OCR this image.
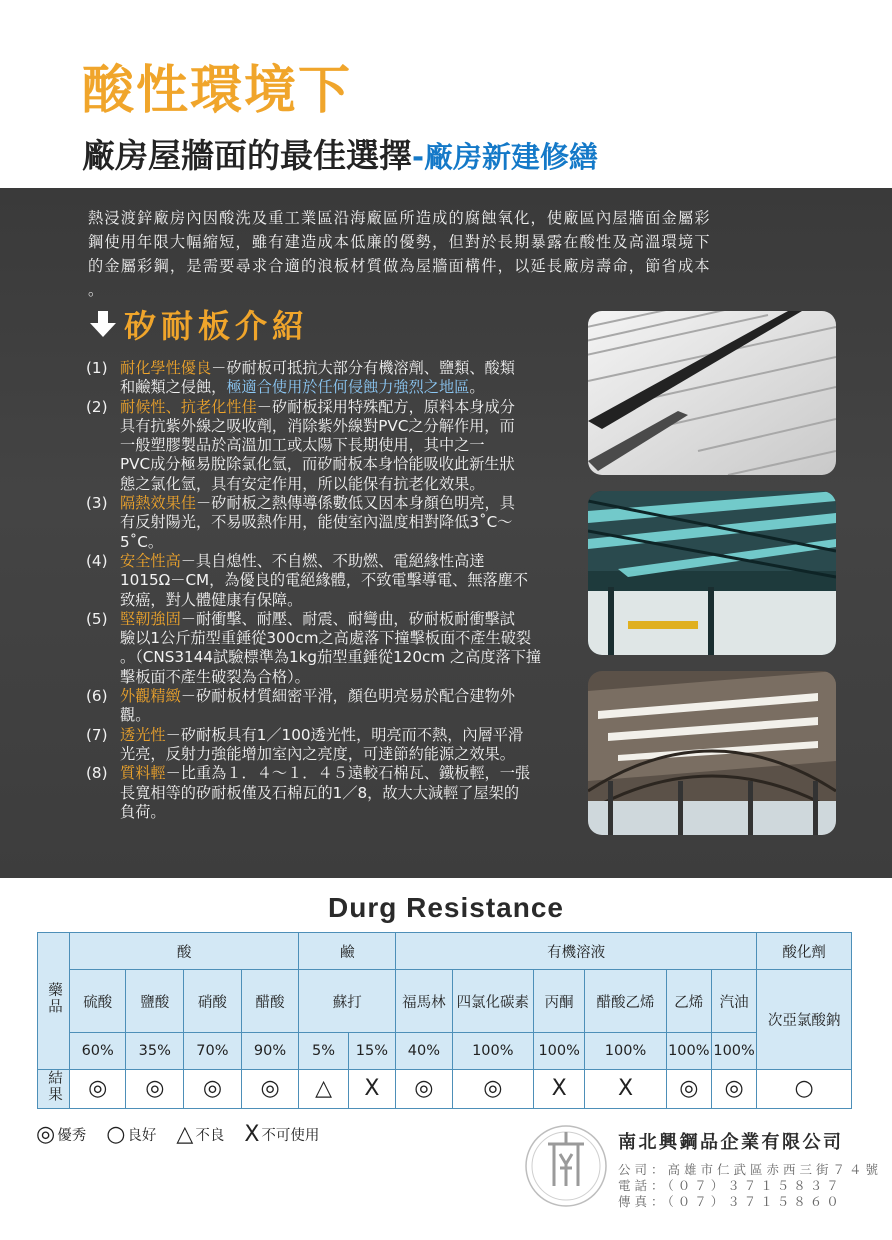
酸性環境下
廠房屋牆面的最佳選擇-廠房新建修繕

熱浸渡鋅廠房內因酸洗及重工業區沿海廠區所造成的腐蝕氧化，使廠區內屋牆面金屬彩

鋼使用年限大幅縮短，雖有建造成本低廉的優勢，但對於長期暴露在酸性及高溫環境下

的金屬彩鋼，是需要尋求合適的浪板材質做為屋牆面構件，以延長廠房壽命，節省成本

。

矽耐板介紹
(1) 耐化學性優良－矽耐板可抵抗大部分有機溶劑、鹽類、酸類
和鹼類之侵蝕，極適合使用於任何侵蝕力強烈之地區。
(2) 耐候性、抗老化性佳－矽耐板採用特殊配方，原料本身成分
具有抗紫外線之吸收劑，消除紫外線對PVC之分解作用，而
一般塑膠製品於高溫加工或太陽下長期使用，其中之一
PVC成分極易脫除氯化氫，而矽耐板本身恰能吸收此新生狀
態之氯化氫，具有安定作用，所以能保有抗老化效果。
(3) 隔熱效果佳－矽耐板之熱傳導係數低又因本身顏色明亮，具
有反射陽光，不易吸熱作用，能使室內溫度相對降低3˚C～
5˚C。
(4) 安全性高－具自熄性、不自燃、不助燃、電絕緣性高達
1015Ω－CM，為優良的電絕緣體，不致電擊導電、無落塵不
致癌，對人體健康有保障。
(5) 堅韌強固－耐衝擊、耐壓、耐震、耐彎曲，矽耐板耐衝擊試
驗以1公斤茄型重錘從300cm之高處落下撞擊板面不產生破裂
。（CNS3144試驗標準為1kg茄型重錘從120cm 之高度落下撞
擊板面不產生破裂為合格）。
(6) 外觀精緻－矽耐板材質細密平滑，顏色明亮易於配合建物外
觀。
(7) 透光性－矽耐板具有1／100透光性，明亮而不熱，內層平滑
光亮，反射力強能增加室內之亮度，可達節約能源之效果。
(8) 質料輕－比重為１．４～１．４５遠較石棉瓦、鐵板輕，一張
長寬相等的矽耐板僅及石棉瓦的1／8，故大大減輕了屋架的
負荷。
Durg Resistance
藥品	酸				鹼		有機溶液						酸化劑
	硫酸	鹽酸	硝酸	醋酸	蘇打		福馬林	四氯化碳素	丙酮	醋酸乙烯	乙烯	汽油	次亞氯酸鈉
	60%	35%	70%	90%	5%	15%	40%	100%	100%	100%	100%	100%	
結果	◎	◎	◎	◎	△	X	◎	◎	X	X	◎	◎	○
◎ 優秀 ○ 良好 △ 不良 X 不可使用	南北興鋼品企業有限公司
公司：高雄市仁武區赤西三街７４號
電話：（０７）３７１５８３７
傳真：（０７）３７１５８６０
